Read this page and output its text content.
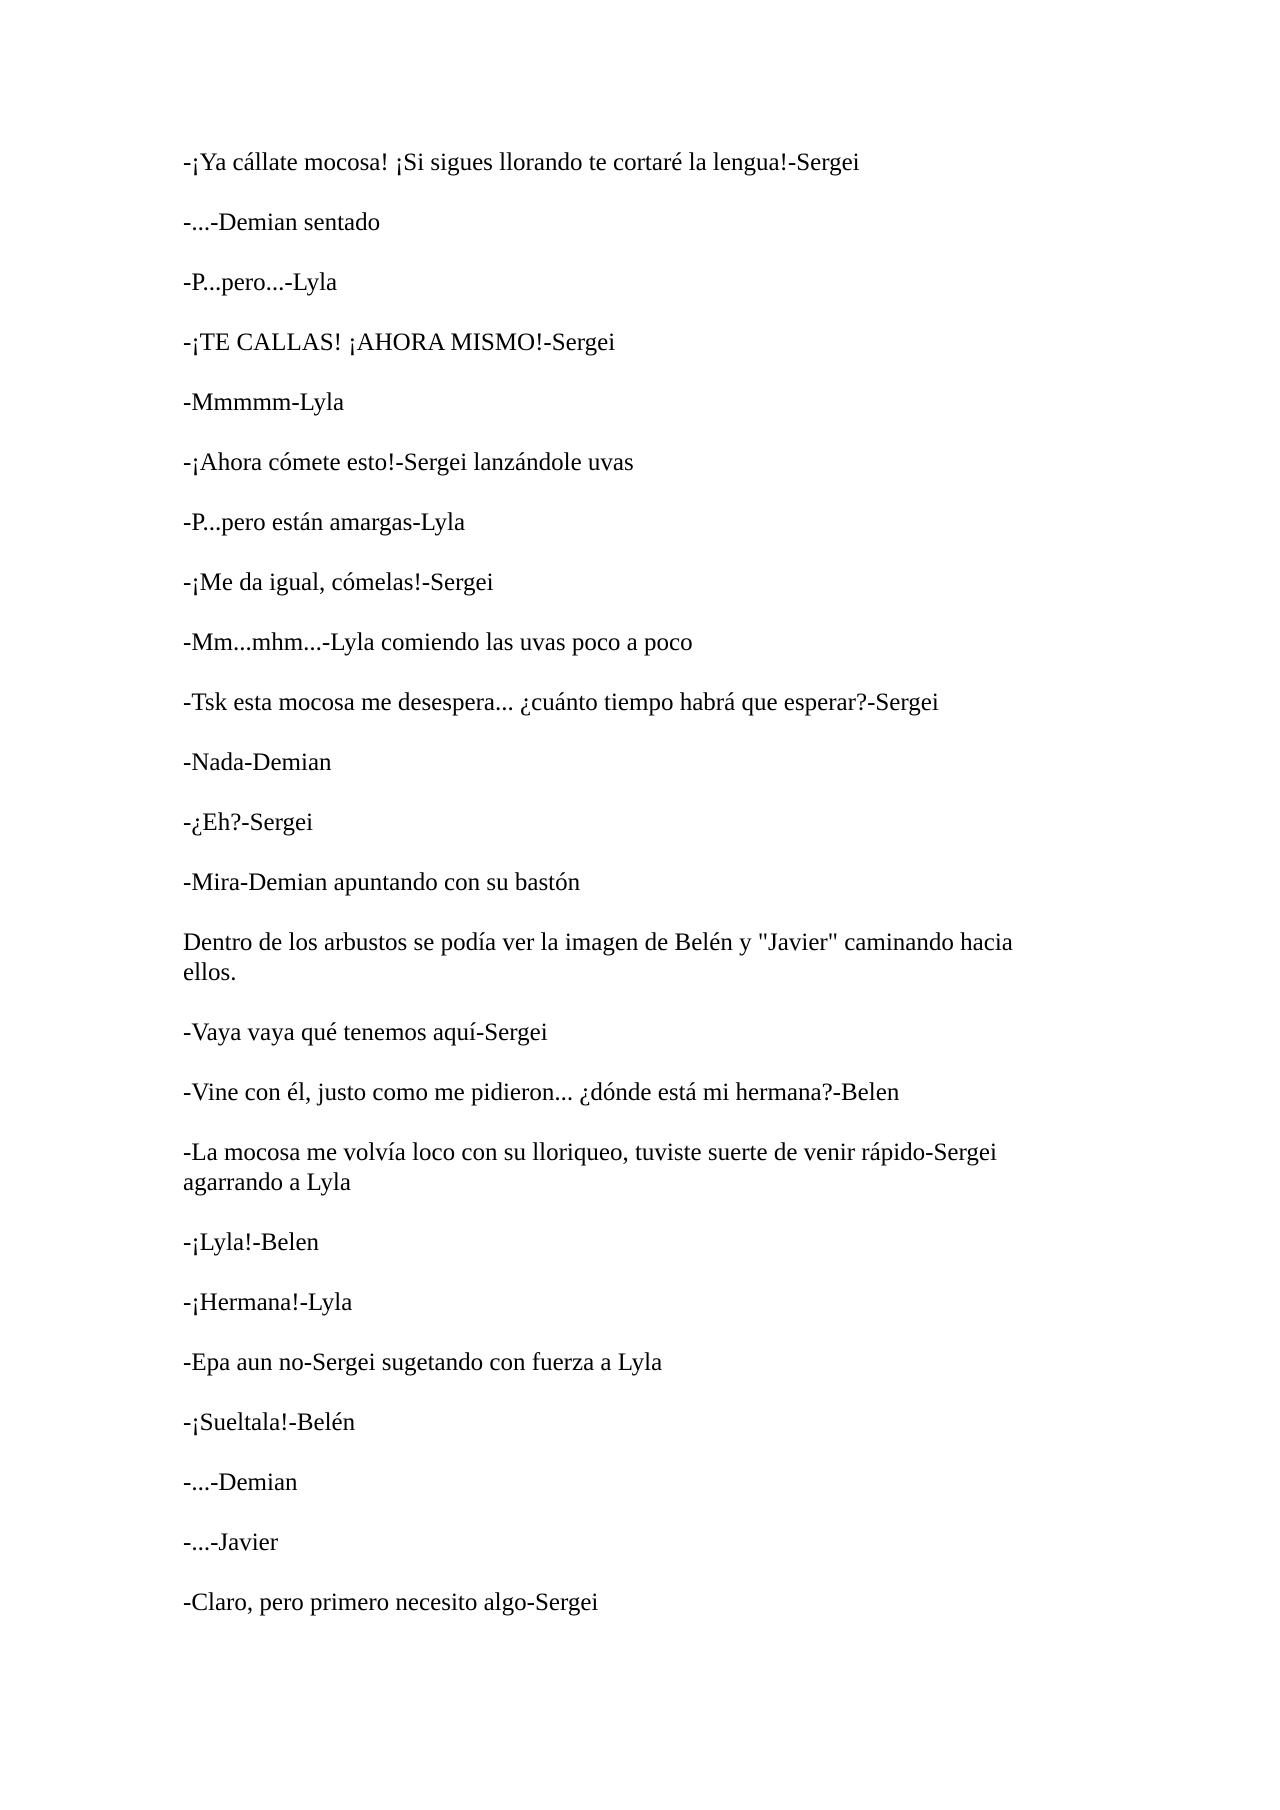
-¡Ya cállate mocosa! ¡Si sigues llorando te cortaré la lengua!-Sergei

-...-Demian sentado

-P...pero...-Lyla

-¡TE CALLAS! ¡AHORA MISMO!-Sergei

-Mmmmm-Lyla

-¡Ahora cómete esto!-Sergei lanzándole uvas

-P...pero están amargas-Lyla

-¡Me da igual, cómelas!-Sergei

-Mm...mhm...-Lyla comiendo las uvas poco a poco

-Tsk esta mocosa me desespera... ¿cuánto tiempo habrá que esperar?-Sergei

-Nada-Demian

-¿Eh?-Sergei

-Mira-Demian apuntando con su bastón

Dentro de los arbustos se podía ver la imagen de Belén y "Javier" caminando hacia ellos.

-Vaya vaya qué tenemos aquí-Sergei

-Vine con él, justo como me pidieron... ¿dónde está mi hermana?-Belen

-La mocosa me volvía loco con su lloriqueo, tuviste suerte de venir rápido-Sergei agarrando a Lyla

-¡Lyla!-Belen

-¡Hermana!-Lyla

-Epa aun no-Sergei sugetando con fuerza a Lyla

-¡Sueltala!-Belén

-...-Demian

-...-Javier

-Claro, pero primero necesito algo-Sergei
